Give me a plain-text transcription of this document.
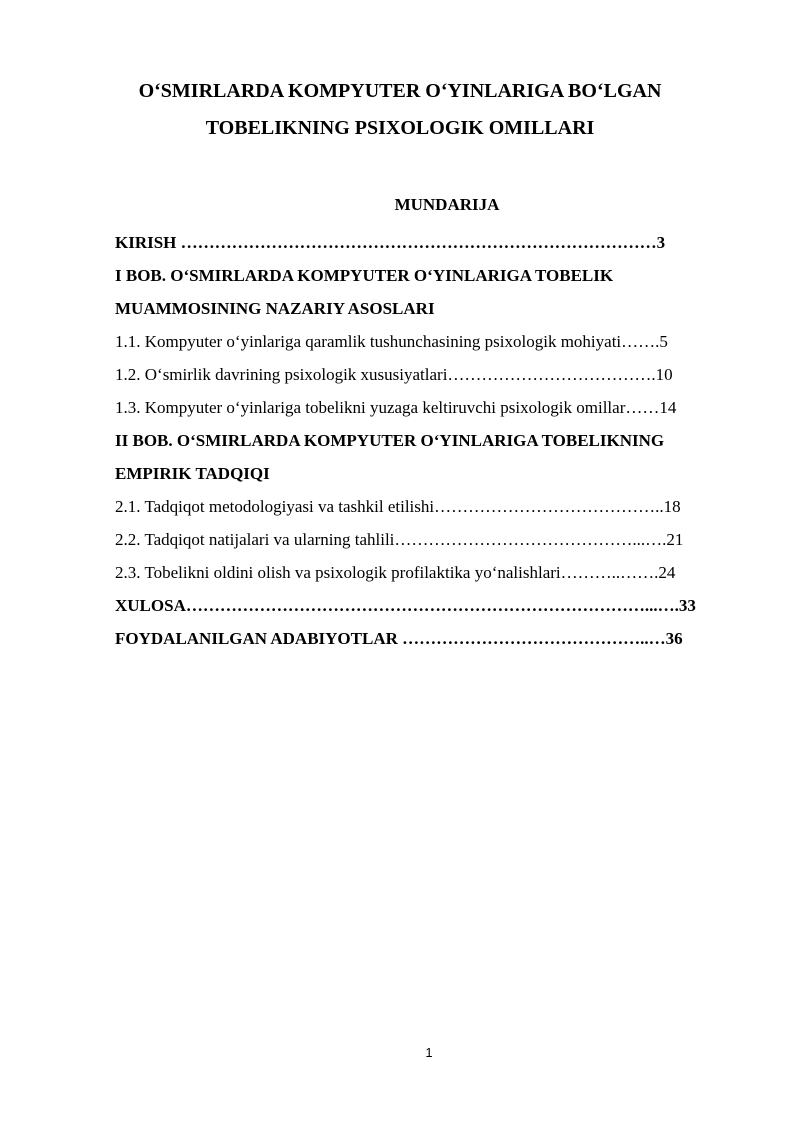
O‘SMIRLARDA KOMPYUTER O‘YINLARIGA BO‘LGAN
TOBELIKNING PSIXOLOGIK OMILLARI
MUNDARIJA
KIRISH …………………………………………………………………………3
I BOB. O‘SMIRLARDA KOMPYUTER O‘YINLARIGA TOBELIK
MUAMMOSINING NAZARIY ASOSLARI
1.1. Kompyuter o‘yinlariga qaramlik tushunchasining psixologik mohiyati…….5
1.2. O‘smirlik davrining psixologik xususiyatlari……………………………….10
1.3. Kompyuter o‘yinlariga tobelikni yuzaga keltiruvchi psixologik omillar……14
II BOB. O‘SMIRLARDA KOMPYUTER O‘YINLARIGA TOBELIKNING
EMPIRIK TADQIQI
2.1. Tadqiqot metodologiyasi va tashkil etilishi…………………………………..18
2.2. Tadqiqot natijalari va ularning tahlili……………………………………...….21
2.3. Tobelikni oldini olish va psixologik profilaktika yo‘nalishlari………..…….24
XULOSA………………………………………………………………………...….33
FOYDALANILGAN ADABIYOTLAR ……………………………………..…36
1
